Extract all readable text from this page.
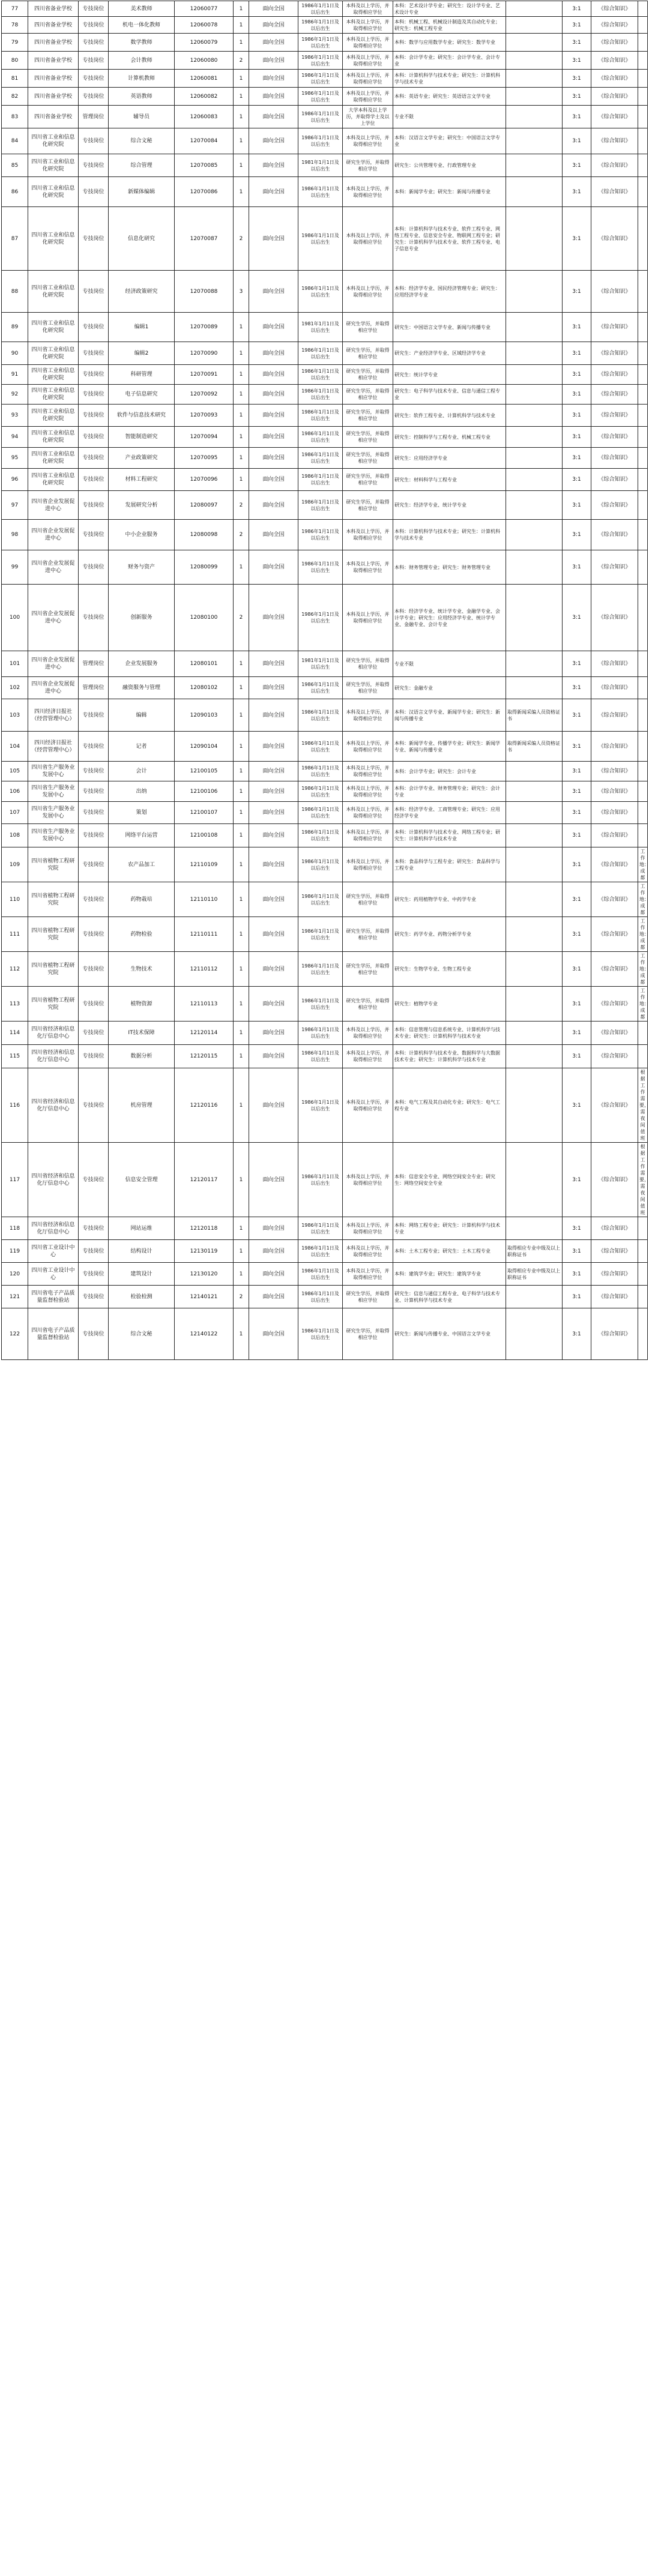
77	四川省备业学校	专技岗位	美术教师	12060077	1	面向全国	1986年1月1日及以后出生	本科及以上学历，并取得相应学位	本科：艺术设计学专业；研究生：设计学专业、艺术设计专业		3:1	《综合知识》	
78	四川省备业学校	专技岗位	机电一体化教师	12060078	1	面向全国	1986年1月1日及以后出生	本科及以上学历，并取得相应学位	本科：机械工程、机械设计制造及其自动化专业；研究生：机械工程专业		3:1	《综合知识》	
79	四川省备业学校	专技岗位	数学教师	12060079	1	面向全国	1986年1月1日及以后出生	本科及以上学历，并取得相应学位	本科：数学与应用数学专业；研究生：数学专业		3:1	《综合知识》	
80	四川省备业学校	专技岗位	会计教师	12060080	2	面向全国	1986年1月1日及以后出生	本科及以上学历，并取得相应学位	本科：会计学专业；研究生：会计学专业、会计专业		3:1	《综合知识》	
81	四川省备业学校	专技岗位	计算机教师	12060081	1	面向全国	1986年1月1日及以后出生	本科及以上学历，并取得相应学位	本科：计算机科学与技术专业；研究生：计算机科学与技术专业		3:1	《综合知识》	
82	四川省备业学校	专技岗位	英语教师	12060082	1	面向全国	1986年1月1日及以后出生	本科及以上学历，并取得相应学位	本科：英语专业；研究生：英语语言文学专业		3:1	《综合知识》	
83	四川省备业学校	管理岗位	辅导员	12060083	1	面向全国	1986年1月1日及以后出生	大学本科及以上学历，并取得学士及以上学位	专业不限		3:1	《综合知识》	
84	四川省工业和信息化研究院	专技岗位	综合文秘	12070084	1	面向全国	1986年1月1日及以后出生	本科及以上学历，并取得相应学位	本科：汉语言文学专业；研究生：中国语言文学专业		3:1	《综合知识》	
85	四川省工业和信息化研究院	专技岗位	综合管理	12070085	1	面向全国	1981年1月1日及以后出生	研究生学历，并取得相应学位	研究生：公共管理专业、行政管理专业		3:1	《综合知识》	
86	四川省工业和信息化研究院	专技岗位	新媒体编辑	12070086	1	面向全国	1986年1月1日及以后出生	本科及以上学历，并取得相应学位	本科：新闻学专业；研究生：新闻与传播专业		3:1	《综合知识》	
87	四川省工业和信息化研究院	专技岗位	信息化研究	12070087	2	面向全国	1986年1月1日及以后出生	本科及以上学历，并取得相应学位	本科：计算机科学与技术专业、软件工程专业、网络工程专业、信息安全专业、物联网工程专业；研究生：计算机科学与技术专业、软件工程专业、电子信息专业		3:1	《综合知识》	
88	四川省工业和信息化研究院	专技岗位	经济政策研究	12070088	3	面向全国	1986年1月1日及以后出生	本科及以上学历，并取得相应学位	本科：经济学专业、国民经济管理专业；研究生：应用经济学专业		3:1	《综合知识》	
89	四川省工业和信息化研究院	专技岗位	编辑1	12070089	1	面向全国	1981年1月1日及以后出生	研究生学历，并取得相应学位	研究生：中国语言文学专业、新闻与传播专业		3:1	《综合知识》	
90	四川省工业和信息化研究院	专技岗位	编辑2	12070090	1	面向全国	1986年1月1日及以后出生	研究生学历，并取得相应学位	研究生：产业经济学专业、区域经济学专业		3:1	《综合知识》	
91	四川省工业和信息化研究院	专技岗位	科研管理	12070091	1	面向全国	1986年1月1日及以后出生	研究生学历，并取得相应学位	研究生：统计学专业		3:1	《综合知识》	
92	四川省工业和信息化研究院	专技岗位	电子信息研究	12070092	1	面向全国	1986年1月1日及以后出生	研究生学历，并取得相应学位	研究生：电子科学与技术专业、信息与通信工程专业		3:1	《综合知识》	
93	四川省工业和信息化研究院	专技岗位	软件与信息技术研究	12070093	1	面向全国	1986年1月1日及以后出生	研究生学历，并取得相应学位	研究生：软件工程专业、计算机科学与技术专业		3:1	《综合知识》	
94	四川省工业和信息化研究院	专技岗位	智能制造研究	12070094	1	面向全国	1986年1月1日及以后出生	研究生学历，并取得相应学位	研究生：控制科学与工程专业、机械工程专业		3:1	《综合知识》	
95	四川省工业和信息化研究院	专技岗位	产业政策研究	12070095	1	面向全国	1986年1月1日及以后出生	研究生学历，并取得相应学位	研究生：应用经济学专业		3:1	《综合知识》	
96	四川省工业和信息化研究院	专技岗位	材料工程研究	12070096	1	面向全国	1986年1月1日及以后出生	研究生学历，并取得相应学位	研究生：材料科学与工程专业		3:1	《综合知识》	
97	四川省企业发展促进中心	专技岗位	发展研究分析	12080097	2	面向全国	1986年1月1日及以后出生	研究生学历，并取得相应学位	研究生：经济学专业、统计学专业		3:1	《综合知识》	
98	四川省企业发展促进中心	专技岗位	中小企业服务	12080098	2	面向全国	1986年1月1日及以后出生	本科及以上学历，并取得相应学位	本科：计算机科学与技术专业；研究生：计算机科学与技术专业		3:1	《综合知识》	
99	四川省企业发展促进中心	专技岗位	财务与资产	12080099	1	面向全国	1986年1月1日及以后出生	本科及以上学历，并取得相应学位	本科：财务管理专业；研究生：财务管理专业		3:1	《综合知识》	
100	四川省企业发展促进中心	专技岗位	创新服务	12080100	2	面向全国	1986年1月1日及以后出生	本科及以上学历，并取得相应学位	本科：经济学专业、统计学专业、金融学专业、会计学专业；研究生：应用经济学专业、统计学专业、金融专业、会计专业		3:1	《综合知识》	
101	四川省企业发展促进中心	管理岗位	企业发展服务	12080101	1	面向全国	1981年1月1日及以后出生	研究生学历，并取得相应学位	专业不限		3:1	《综合知识》	
102	四川省企业发展促进中心	管理岗位	融资服务与管理	12080102	1	面向全国	1986年1月1日及以后出生	研究生学历，并取得相应学位	研究生：金融专业		3:1	《综合知识》	
103	四川经济日报社（经营管理中心）	专技岗位	编辑	12090103	1	面向全国	1986年1月1日及以后出生	本科及以上学历，并取得相应学位	本科：汉语言文学专业、新闻学专业；研究生：新闻与传播专业	取得新闻采编人员资格证书	3:1	《综合知识》	
104	四川经济日报社（经营管理中心）	专技岗位	记者	12090104	1	面向全国	1986年1月1日及以后出生	本科及以上学历，并取得相应学位	本科：新闻学专业、传播学专业；研究生：新闻学专业、新闻与传播专业	取得新闻采编人员资格证书	3:1	《综合知识》	
105	四川省生产服务业发展中心	专技岗位	会计	12100105	1	面向全国	1986年1月1日及以后出生	本科及以上学历，并取得相应学位	本科：会计学专业；研究生：会计专业		3:1	《综合知识》	
106	四川省生产服务业发展中心	专技岗位	出纳	12100106	1	面向全国	1986年1月1日及以后出生	本科及以上学历，并取得相应学位	本科：会计学专业、财务管理专业；研究生：会计专业		3:1	《综合知识》	
107	四川省生产服务业发展中心	专技岗位	策划	12100107	1	面向全国	1986年1月1日及以后出生	本科及以上学历，并取得相应学位	本科：经济学专业、工商管理专业；研究生：应用经济学专业		3:1	《综合知识》	
108	四川省生产服务业发展中心	专技岗位	网络平台运营	12100108	1	面向全国	1986年1月1日及以后出生	本科及以上学历，并取得相应学位	本科：计算机科学与技术专业、网络工程专业；研究生：计算机科学与技术专业		3:1	《综合知识》	
109	四川省植物工程研究院	专技岗位	农产品加工	12110109	1	面向全国	1986年1月1日及以后出生	本科及以上学历，并取得相应学位	本科：食品科学与工程专业；研究生：食品科学与工程专业		3:1	《综合知识》	工作地：成都
110	四川省植物工程研究院	专技岗位	药物栽培	12110110	1	面向全国	1986年1月1日及以后出生	研究生学历，并取得相应学位	研究生：药用植物学专业、中药学专业		3:1	《综合知识》	工作地：成都
111	四川省植物工程研究院	专技岗位	药物检验	12110111	1	面向全国	1986年1月1日及以后出生	研究生学历，并取得相应学位	研究生：药学专业、药物分析学专业		3:1	《综合知识》	工作地：成都
112	四川省植物工程研究院	专技岗位	生物技术	12110112	1	面向全国	1986年1月1日及以后出生	研究生学历，并取得相应学位	研究生：生物学专业、生物工程专业		3:1	《综合知识》	工作地：成都
113	四川省植物工程研究院	专技岗位	植物资源	12110113	1	面向全国	1986年1月1日及以后出生	研究生学历，并取得相应学位	研究生：植物学专业		3:1	《综合知识》	工作地：成都
114	四川省经济和信息化厅信息中心	专技岗位	IT技术保障	12120114	1	面向全国	1986年1月1日及以后出生	本科及以上学历，并取得相应学位	本科：信息管理与信息系统专业、计算机科学与技术专业；研究生：计算机科学与技术专业		3:1	《综合知识》	
115	四川省经济和信息化厅信息中心	专技岗位	数据分析	12120115	1	面向全国	1986年1月1日及以后出生	本科及以上学历，并取得相应学位	本科：计算机科学与技术专业、数据科学与大数据技术专业；研究生：计算机科学与技术专业		3:1	《综合知识》	
116	四川省经济和信息化厅信息中心	专技岗位	机房管理	12120116	1	面向全国	1986年1月1日及以后出生	本科及以上学历，并取得相应学位	本科：电气工程及其自动化专业；研究生：电气工程专业		3:1	《综合知识》	根据工作需要，需夜间值班
117	四川省经济和信息化厅信息中心	专技岗位	信息安全管理	12120117	1	面向全国	1986年1月1日及以后出生	本科及以上学历，并取得相应学位	本科：信息安全专业、网络空间安全专业；研究生：网络空间安全专业		3:1	《综合知识》	根据工作需要，需夜间值班
118	四川省经济和信息化厅信息中心	专技岗位	网站运维	12120118	1	面向全国	1986年1月1日及以后出生	本科及以上学历，并取得相应学位	本科：网络工程专业；研究生：计算机科学与技术专业		3:1	《综合知识》	
119	四川省工业设计中心	专技岗位	结构设计	12130119	1	面向全国	1986年1月1日及以后出生	本科及以上学历，并取得相应学位	本科：土木工程专业；研究生：土木工程专业	取得相应专业中级及以上职称证书	3:1	《综合知识》	
120	四川省工业设计中心	专技岗位	建筑设计	12130120	1	面向全国	1986年1月1日及以后出生	本科及以上学历，并取得相应学位	本科：建筑学专业；研究生：建筑学专业	取得相应专业中级及以上职称证书	3:1	《综合知识》	
121	四川省电子产品质量监督检验站	专技岗位	检验检测	12140121	2	面向全国	1986年1月1日及以后出生	研究生学历，并取得相应学位	研究生：信息与通信工程专业、电子科学与技术专业、计算机科学与技术专业		3:1	《综合知识》	
122	四川省电子产品质量监督检验站	专技岗位	综合文秘	12140122	1	面向全国	1986年1月1日及以后出生	研究生学历，并取得相应学位	研究生：新闻与传播专业、中国语言文学专业		3:1	《综合知识》	
